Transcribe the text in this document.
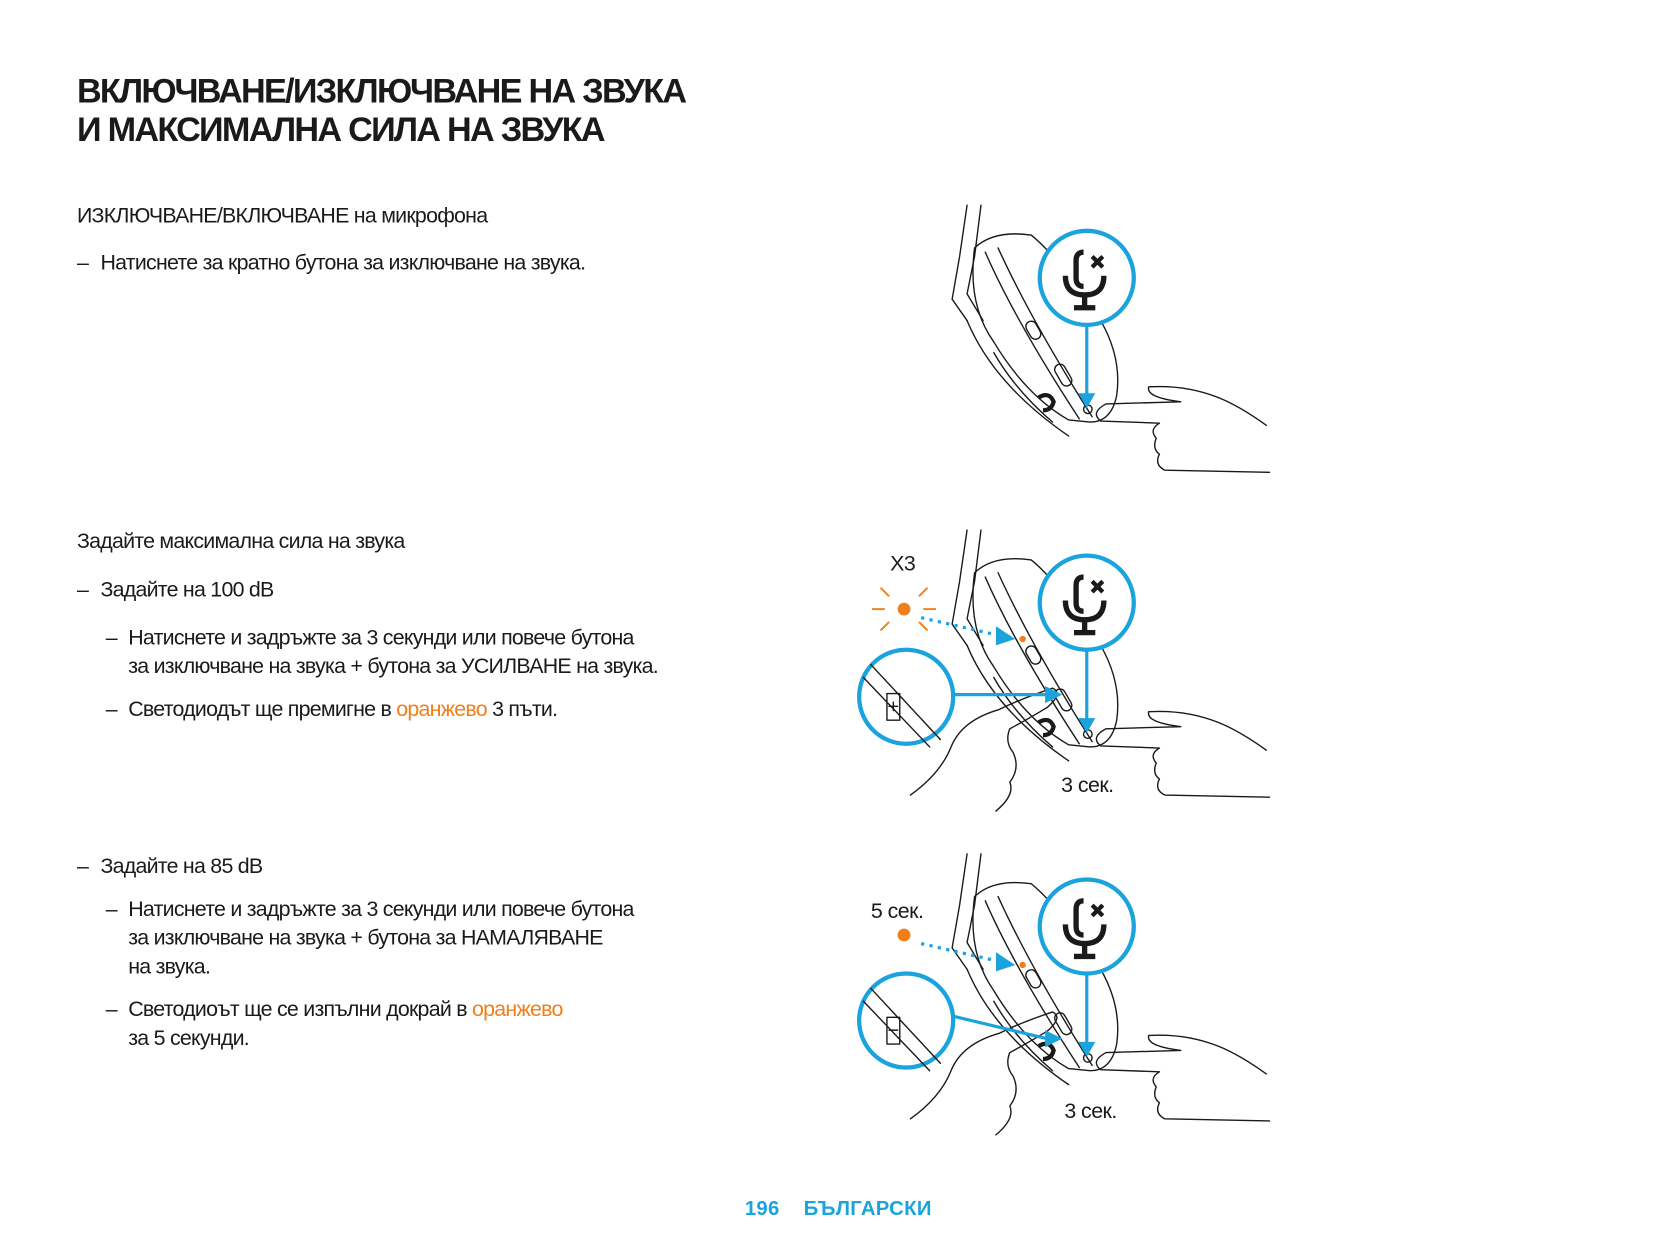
ВКЛЮЧВАНЕ/ИЗКЛЮЧВАНЕ НА ЗВУКА
И МАКСИМАЛНА СИЛА НА ЗВУКА
ИЗКЛЮЧВАНЕ/ВКЛЮЧВАНЕ на микрофона
– Натиснете за кратно бутона за изключване на звука.
Задайте максимална сила на звука
– Задайте на 100 dB
– Натиснете и задръжте за 3 секунди или повече бутона
за изключване на звука + бутона за УСИЛВАНЕ на звука.
– Светодиодът ще премигне в оранжево 3 пъти.
– Задайте на 85 dB
– Натиснете и задръжте за 3 секунди или повече бутона
за изключване на звука + бутона за НАМАЛЯВАНЕ
на звука.
– Светодиоът ще се изпълни докрай в оранжево
за 5 секунди.
X3
3 сек.
5 сек.
3 сек.
196 БЪЛГАРСКИ
